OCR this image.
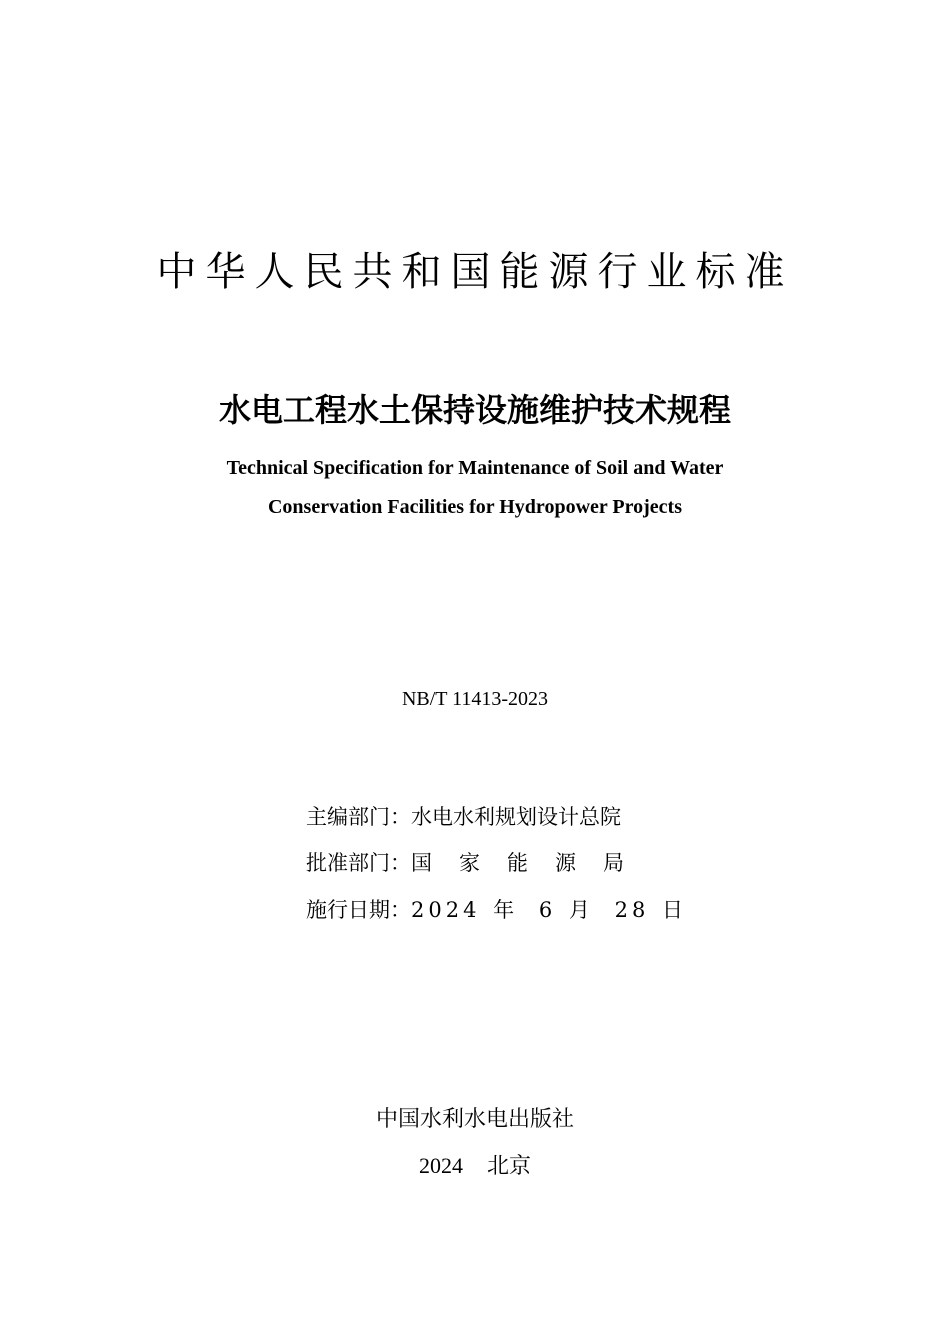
中华人民共和国能源行业标准
水电工程水土保持设施维护技术规程
Technical Specification for Maintenance of Soil and Water
Conservation Facilities for Hydropower Projects
NB/T 11413-2023
主编部门：水电水利规划设计总院
批准部门：国 家 能 源 局
施行日期：2024 年 6 月 28 日
中国水利水电出版社
2024 北京
